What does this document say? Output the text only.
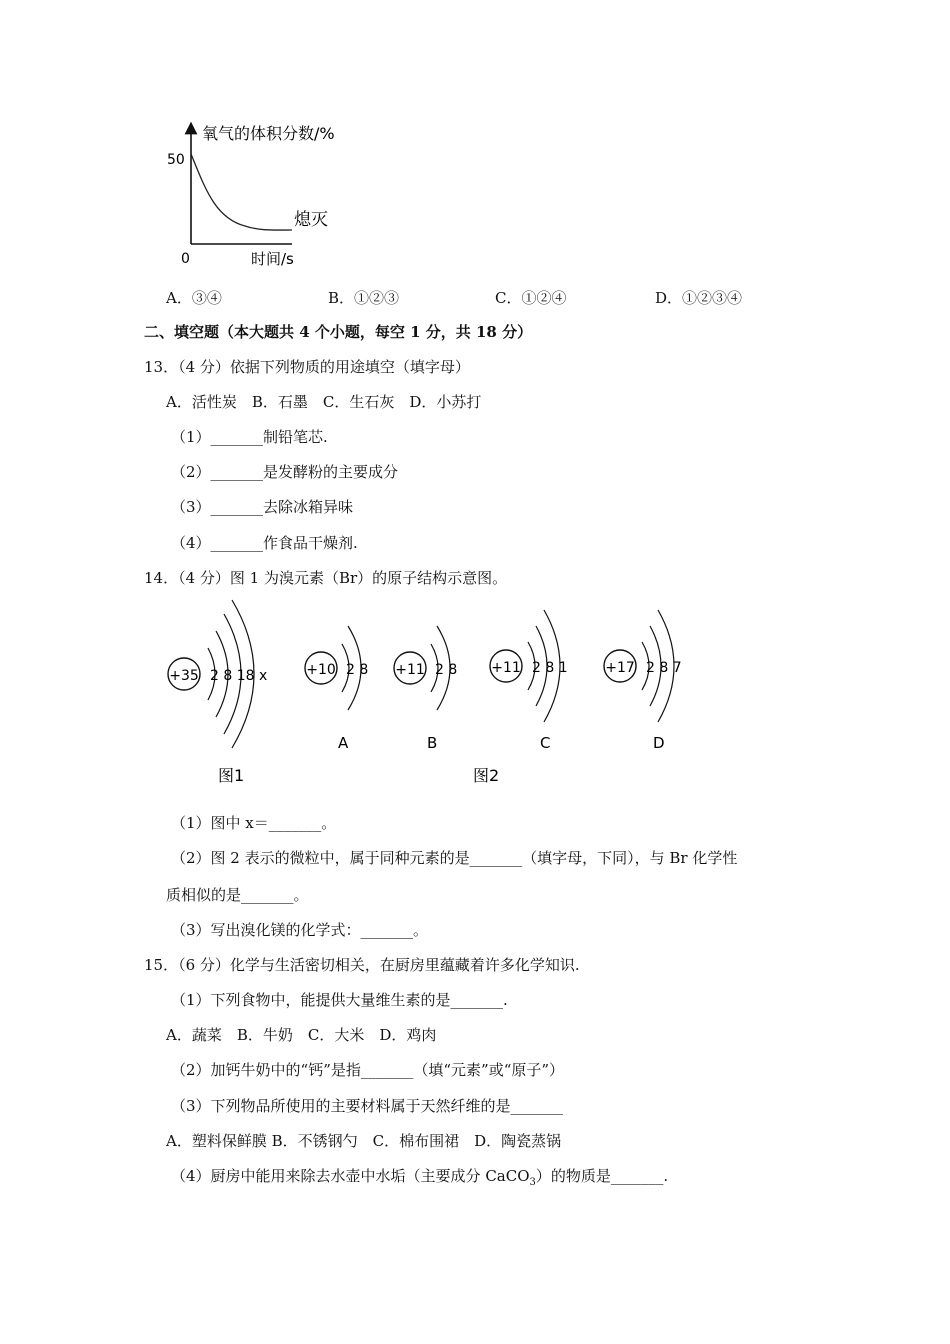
氧气的体积分数/%
50
0	时间/s
熄灭
A．③④	B．①②③	C．①②④	D．①②③④
二、填空题（本大题共 4 个小题，每空 1 分，共 18 分）
13．（4 分）依据下列物质的用途填空（填字母）
A．活性炭　B．石墨　C．生石灰　D．小苏打
（1）_______制铅笔芯.
（2）_______是发酵粉的主要成分
（3）_______去除冰箱异味
（4）_______作食品干燥剂.
14．（4 分）图 1 为溴元素（Br）的原子结构示意图。
+35 2 8 18 x	+10 2 8
A
+11 2 8
B
+11 2 8 1
C
+17 2 8 7
D
图1	图2
（1）图中 x＝_______。
（2）图 2 表示的微粒中，属于同种元素的是_______（填字母，下同），与 Br 化学性
质相似的是_______。
（3）写出溴化镁的化学式：_______。
15．（6 分）化学与生活密切相关，在厨房里蕴藏着许多化学知识.
（1）下列食物中，能提供大量维生素的是_______.
A．蔬菜　B．牛奶　C．大米　D．鸡肉
（2）加钙牛奶中的“钙”是指_______（填“元素”或“原子”）
（3）下列物品所使用的主要材料属于天然纤维的是_______
A．塑料保鲜膜 B．不锈钢勺　C．棉布围裙　D．陶瓷蒸锅
（4）厨房中能用来除去水壶中水垢（主要成分 CaCO$_3$）的物质是_______.
